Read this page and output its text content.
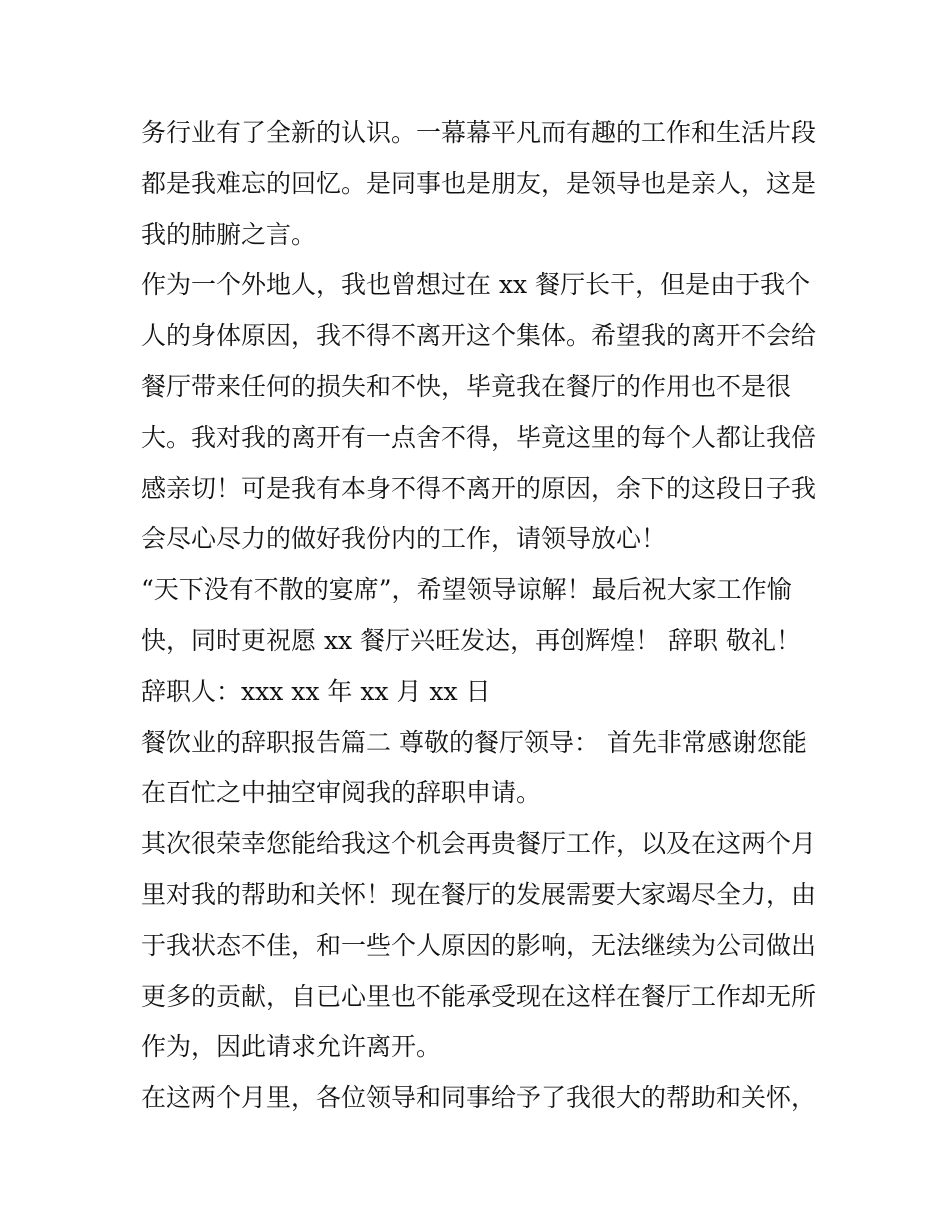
务行业有了全新的认识。一幕幕平凡而有趣的工作和生活片段
都是我难忘的回忆。是同事也是朋友，是领导也是亲人，这是
我的肺腑之言。
作为一个外地人，我也曾想过在 xx 餐厅长干，但是由于我个
人的身体原因，我不得不离开这个集体。希望我的离开不会给
餐厅带来任何的损失和不快，毕竟我在餐厅的作用也不是很
大。我对我的离开有一点舍不得，毕竟这里的每个人都让我倍
感亲切！可是我有本身不得不离开的原因，余下的这段日子我
会尽心尽力的做好我份内的工作，请领导放心！
“天下没有不散的宴席”，希望领导谅解！最后祝大家工作愉
快，同时更祝愿 xx 餐厅兴旺发达，再创辉煌！ 辞职 敬礼！
辞职人：xxx xx 年 xx 月 xx 日
餐饮业的辞职报告篇二 尊敬的餐厅领导： 首先非常感谢您能
在百忙之中抽空审阅我的辞职申请。
其次很荣幸您能给我这个机会再贵餐厅工作，以及在这两个月
里对我的帮助和关怀！现在餐厅的发展需要大家竭尽全力，由
于我状态不佳，和一些个人原因的影响，无法继续为公司做出
更多的贡献，自已心里也不能承受现在这样在餐厅工作却无所
作为，因此请求允许离开。
在这两个月里，各位领导和同事给予了我很大的帮助和关怀，
